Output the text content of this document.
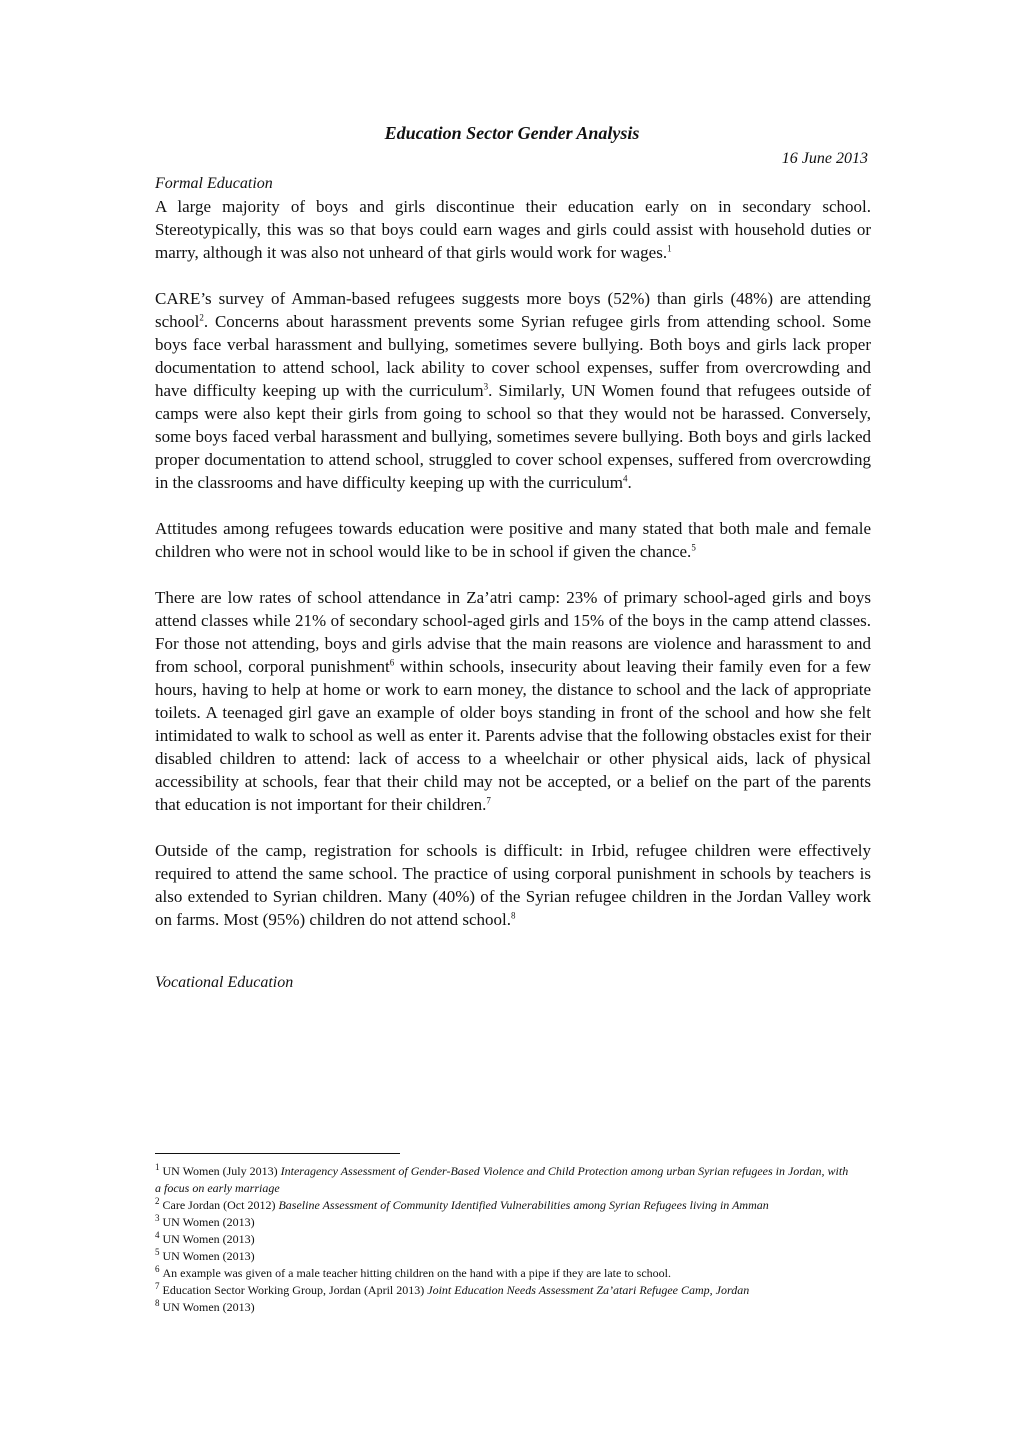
Education Sector Gender Analysis
16 June 2013

Formal Education

A large majority of boys and girls discontinue their education early on in secondary school. Stereotypically, this was so that boys could earn wages and girls could assist with household duties or marry, although it was also not unheard of that girls would work for wages.$^1$

CARE’s survey of Amman-based refugees suggests more boys (52%) than girls (48%) are attending school$^2$. Concerns about harassment prevents some Syrian refugee girls from attending school. Some boys face verbal harassment and bullying, sometimes severe bullying. Both boys and girls lack proper documentation to attend school, lack ability to cover school expenses, suffer from overcrowding and have difficulty keeping up with the curriculum$^3$. Similarly, UN Women found that refugees outside of camps were also kept their girls from going to school so that they would not be harassed. Conversely, some boys faced verbal harassment and bullying, sometimes severe bullying. Both boys and girls lacked proper documentation to attend school, struggled to cover school expenses, suffered from overcrowding in the classrooms and have difficulty keeping up with the curriculum$^4$.

Attitudes among refugees towards education were positive and many stated that both male and female children who were not in school would like to be in school if given the chance.$^5$

There are low rates of school attendance in Za’atri camp: 23% of primary school-aged girls and boys attend classes while 21% of secondary school-aged girls and 15% of the boys in the camp attend classes. For those not attending, boys and girls advise that the main reasons are violence and harassment to and from school, corporal punishment$^6$ within schools, insecurity about leaving their family even for a few hours, having to help at home or work to earn money, the distance to school and the lack of appropriate toilets. A teenaged girl gave an example of older boys standing in front of the school and how she felt intimidated to walk to school as well as enter it. Parents advise that the following obstacles exist for their disabled children to attend: lack of access to a wheelchair or other physical aids, lack of physical accessibility at schools, fear that their child may not be accepted, or a belief on the part of the parents that education is not important for their children.$^7$

Outside of the camp, registration for schools is difficult: in Irbid, refugee children were effectively required to attend the same school. The practice of using corporal punishment in schools by teachers is also extended to Syrian children. Many (40%) of the Syrian refugee children in the Jordan Valley work on farms. Most (95%) children do not attend school.$^8$

Vocational Education

$^1$ UN Women (July 2013) Interagency Assessment of Gender-Based Violence and Child Protection among urban Syrian refugees in Jordan, with a focus on early marriage

$^2$ Care Jordan (Oct 2012) Baseline Assessment of Community Identified Vulnerabilities among Syrian Refugees living in Amman

$^3$ UN Women (2013)

$^4$ UN Women (2013)

$^5$ UN Women (2013)

$^6$ An example was given of a male teacher hitting children on the hand with a pipe if they are late to school.

$^7$ Education Sector Working Group, Jordan (April 2013) Joint Education Needs Assessment Za’atari Refugee Camp, Jordan

$^8$ UN Women (2013)
